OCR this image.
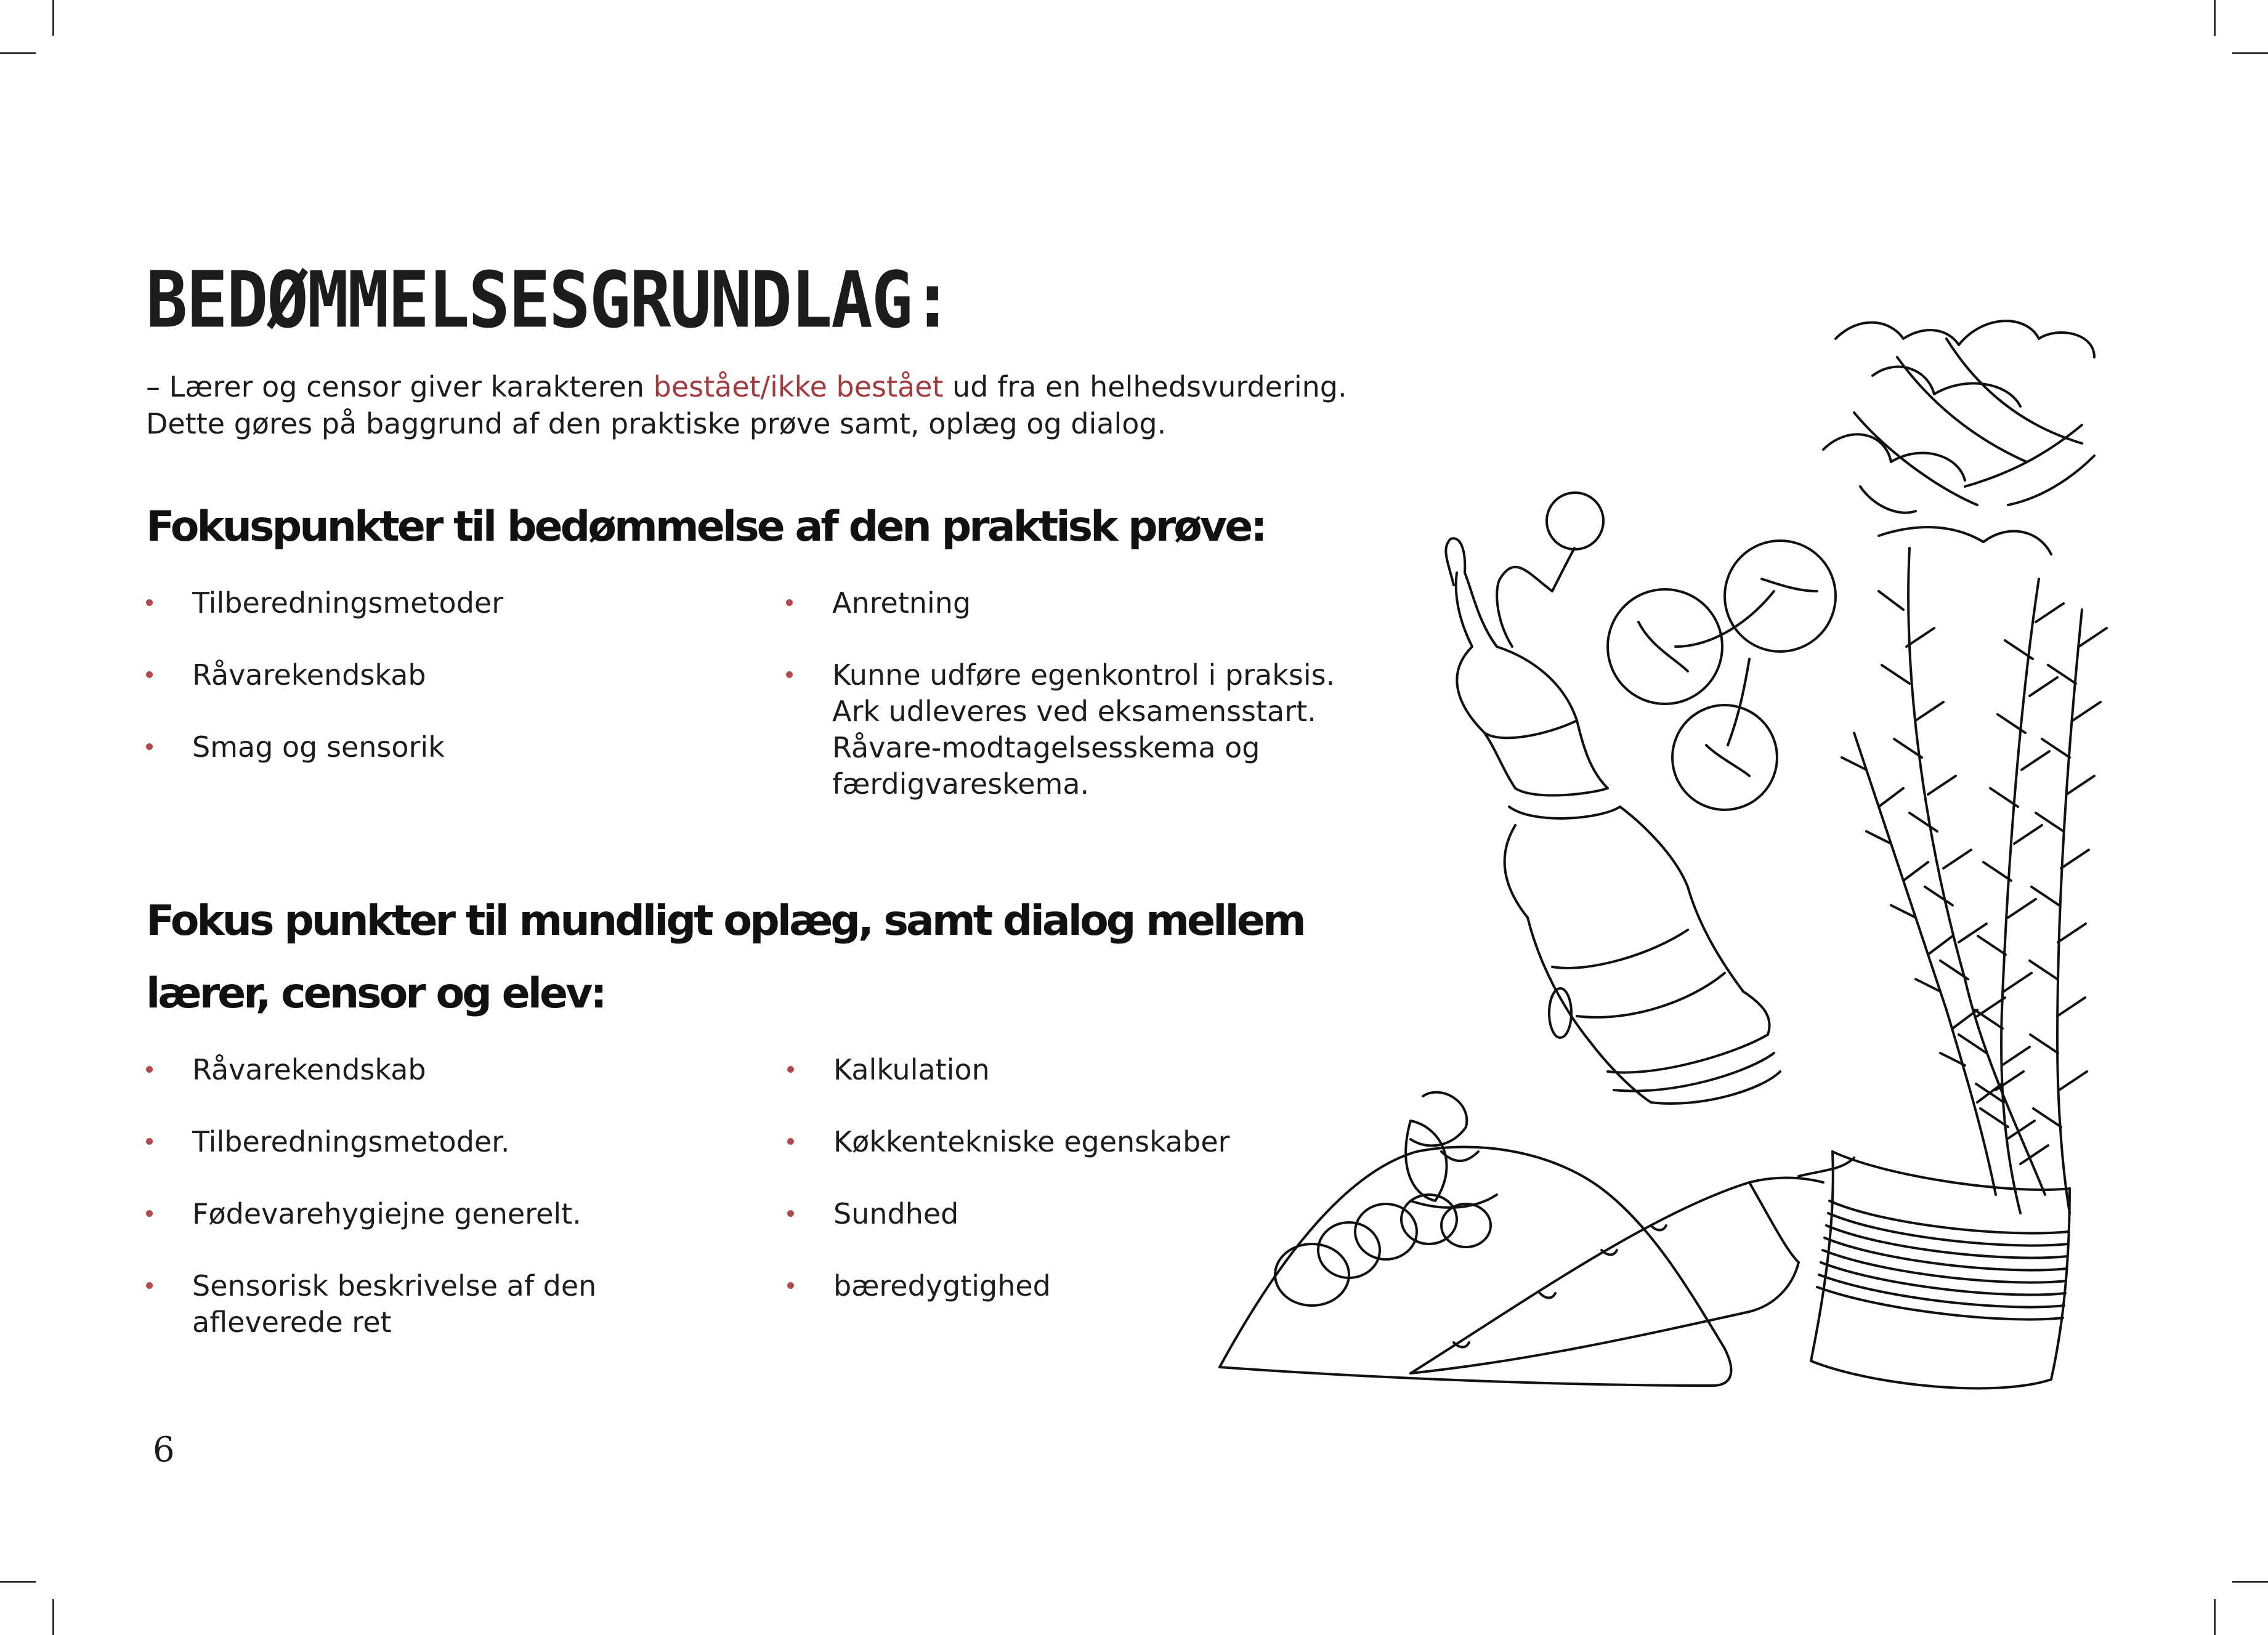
BEDØMMELSESGRUNDLAG:

– Lærer og censor giver karakteren bestået/ikke bestået ud fra en helhedsvurdering.
Dette gøres på baggrund af den praktiske prøve samt, oplæg og dialog.

Fokuspunkter til bedømmelse af den praktisk prøve:
Tilberedningsmetoder
Råvarekendskab
Smag og sensorik
Anretning
Kunne udføre egenkontrol i praksis.
Ark udleveres ved eksamensstart.
Råvare-modtagelsesskema og
færdigvareskema.
Fokus punkter til mundligt oplæg, samt dialog mellem
lærer, censor og elev:
Råvarekendskab
Tilberedningsmetoder.
Fødevarehygiejne generelt.
Sensorisk beskrivelse af den
afleverede ret
Kalkulation
Køkkentekniske egenskaber
Sundhed
bæredygtighed
6
